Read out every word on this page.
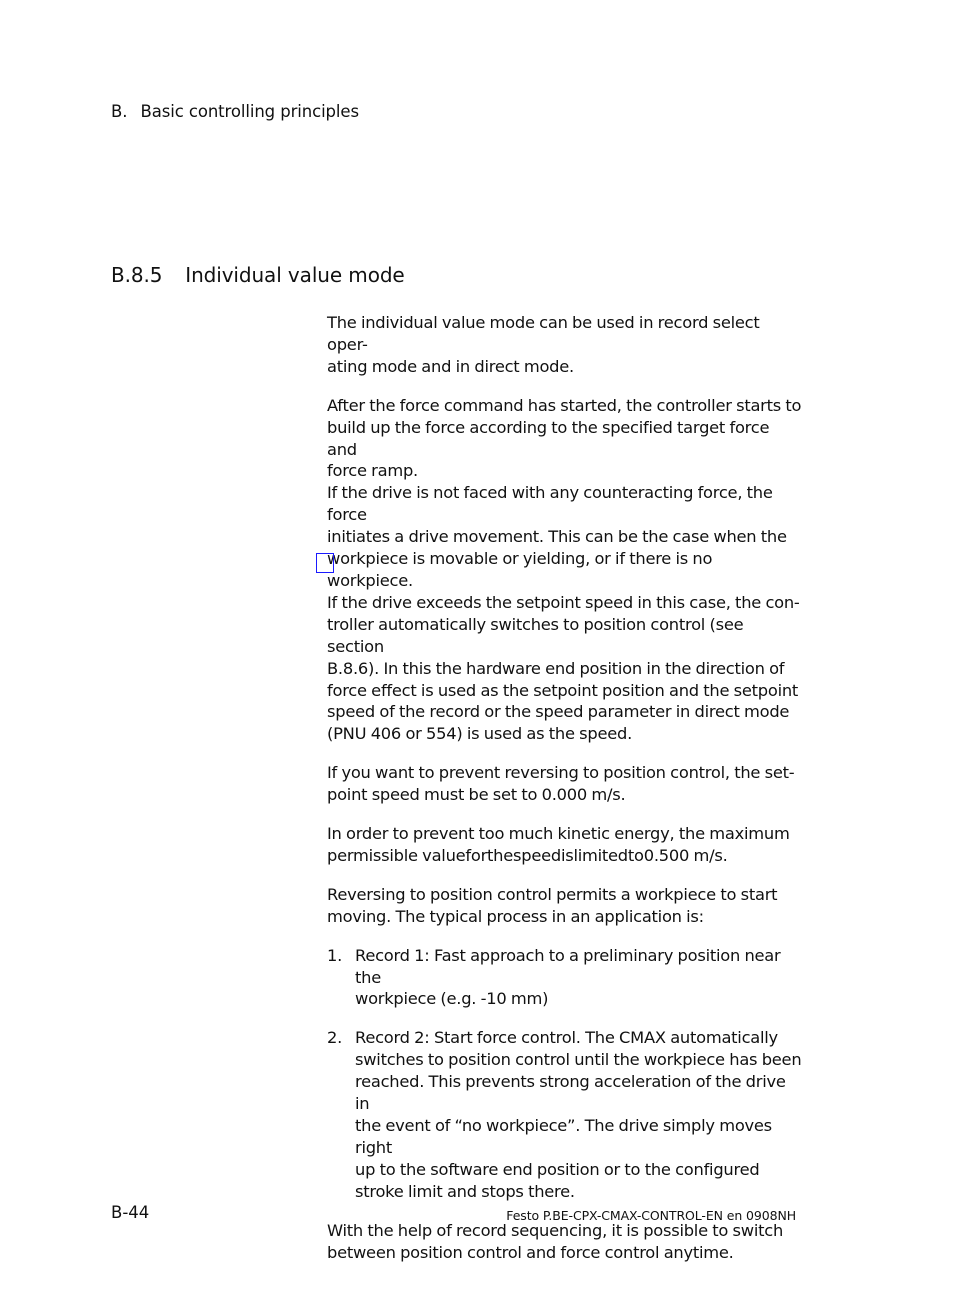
B. Basic controlling principles
B.8.5 Individual value mode

The individual value mode can be used in record select oper-
ating mode and in direct mode.

After the force command has started, the controller starts to
build up the force according to the specified target force and
force ramp.

If the drive is not faced with any counteracting force, the force
initiates a drive movement. This can be the case when the
workpiece is movable or yielding, or if there is no workpiece.
If the drive exceeds the setpoint speed in this case, the con-
troller automatically switches to position control (see section
B.8.6). In this the hardware end position in the direction of
force effect is used as the setpoint position and the setpoint
speed of the record or the speed parameter in direct mode
(PNU 406 or 554) is used as the speed.

If you want to prevent reversing to position control, the set-
point speed must be set to 0.000 m/s.

In order to prevent too much kinetic energy, the maximum
permissible valueforthespeedislimitedto0.500 m/s.

Reversing to position control permits a workpiece to start
moving. The typical process in an application is:

1. Record 1: Fast approach to a preliminary position near the
workpiece (e.g. -10 mm)
2. Record 2: Start force control. The CMAX automatically
switches to position control until the workpiece has been
reached. This prevents strong acceleration of the drive in
the event of “no workpiece”. The drive simply moves right
up to the software end position or to the configured
stroke limit and stops there.

With the help of record sequencing, it is possible to switch
between position control and force control anytime.

B-44	Festo P.BE-CPX-CMAX-CONTROL-EN en 0908NH
